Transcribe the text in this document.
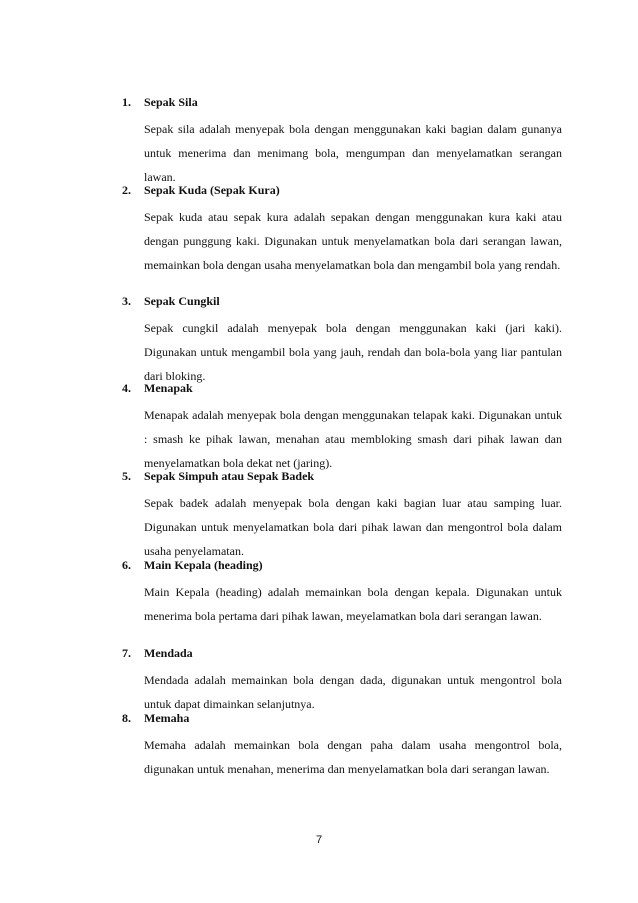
1. Sepak Sila
Sepak sila adalah menyepak bola dengan menggunakan kaki bagian dalam gunanya untuk menerima dan menimang bola, mengumpan dan menyelamatkan serangan lawan.
2. Sepak Kuda (Sepak Kura)
Sepak kuda atau sepak kura adalah sepakan dengan menggunakan kura kaki atau dengan punggung kaki. Digunakan untuk menyelamatkan bola dari serangan lawan, memainkan bola dengan usaha menyelamatkan bola dan mengambil bola yang rendah.
3. Sepak Cungkil
Sepak cungkil adalah menyepak bola dengan menggunakan kaki (jari kaki). Digunakan untuk mengambil bola yang jauh, rendah dan bola-bola yang liar pantulan dari bloking.
4. Menapak
Menapak adalah menyepak bola dengan menggunakan telapak kaki. Digunakan untuk : smash ke pihak lawan, menahan atau membloking smash dari pihak lawan dan menyelamatkan bola dekat net (jaring).
5. Sepak Simpuh atau Sepak Badek
Sepak badek adalah menyepak bola dengan kaki bagian luar atau samping luar. Digunakan untuk menyelamatkan bola dari pihak lawan dan mengontrol bola dalam usaha penyelamatan.
6. Main Kepala (heading)
Main Kepala (heading) adalah memainkan bola dengan kepala. Digunakan untuk menerima bola pertama dari pihak lawan, meyelamatkan bola dari serangan lawan.
7. Mendada
Mendada adalah memainkan bola dengan dada, digunakan untuk mengontrol bola untuk dapat dimainkan selanjutnya.
8. Memaha
Memaha adalah memainkan bola dengan paha dalam usaha mengontrol bola, digunakan untuk menahan, menerima dan menyelamatkan bola dari serangan lawan.
7
